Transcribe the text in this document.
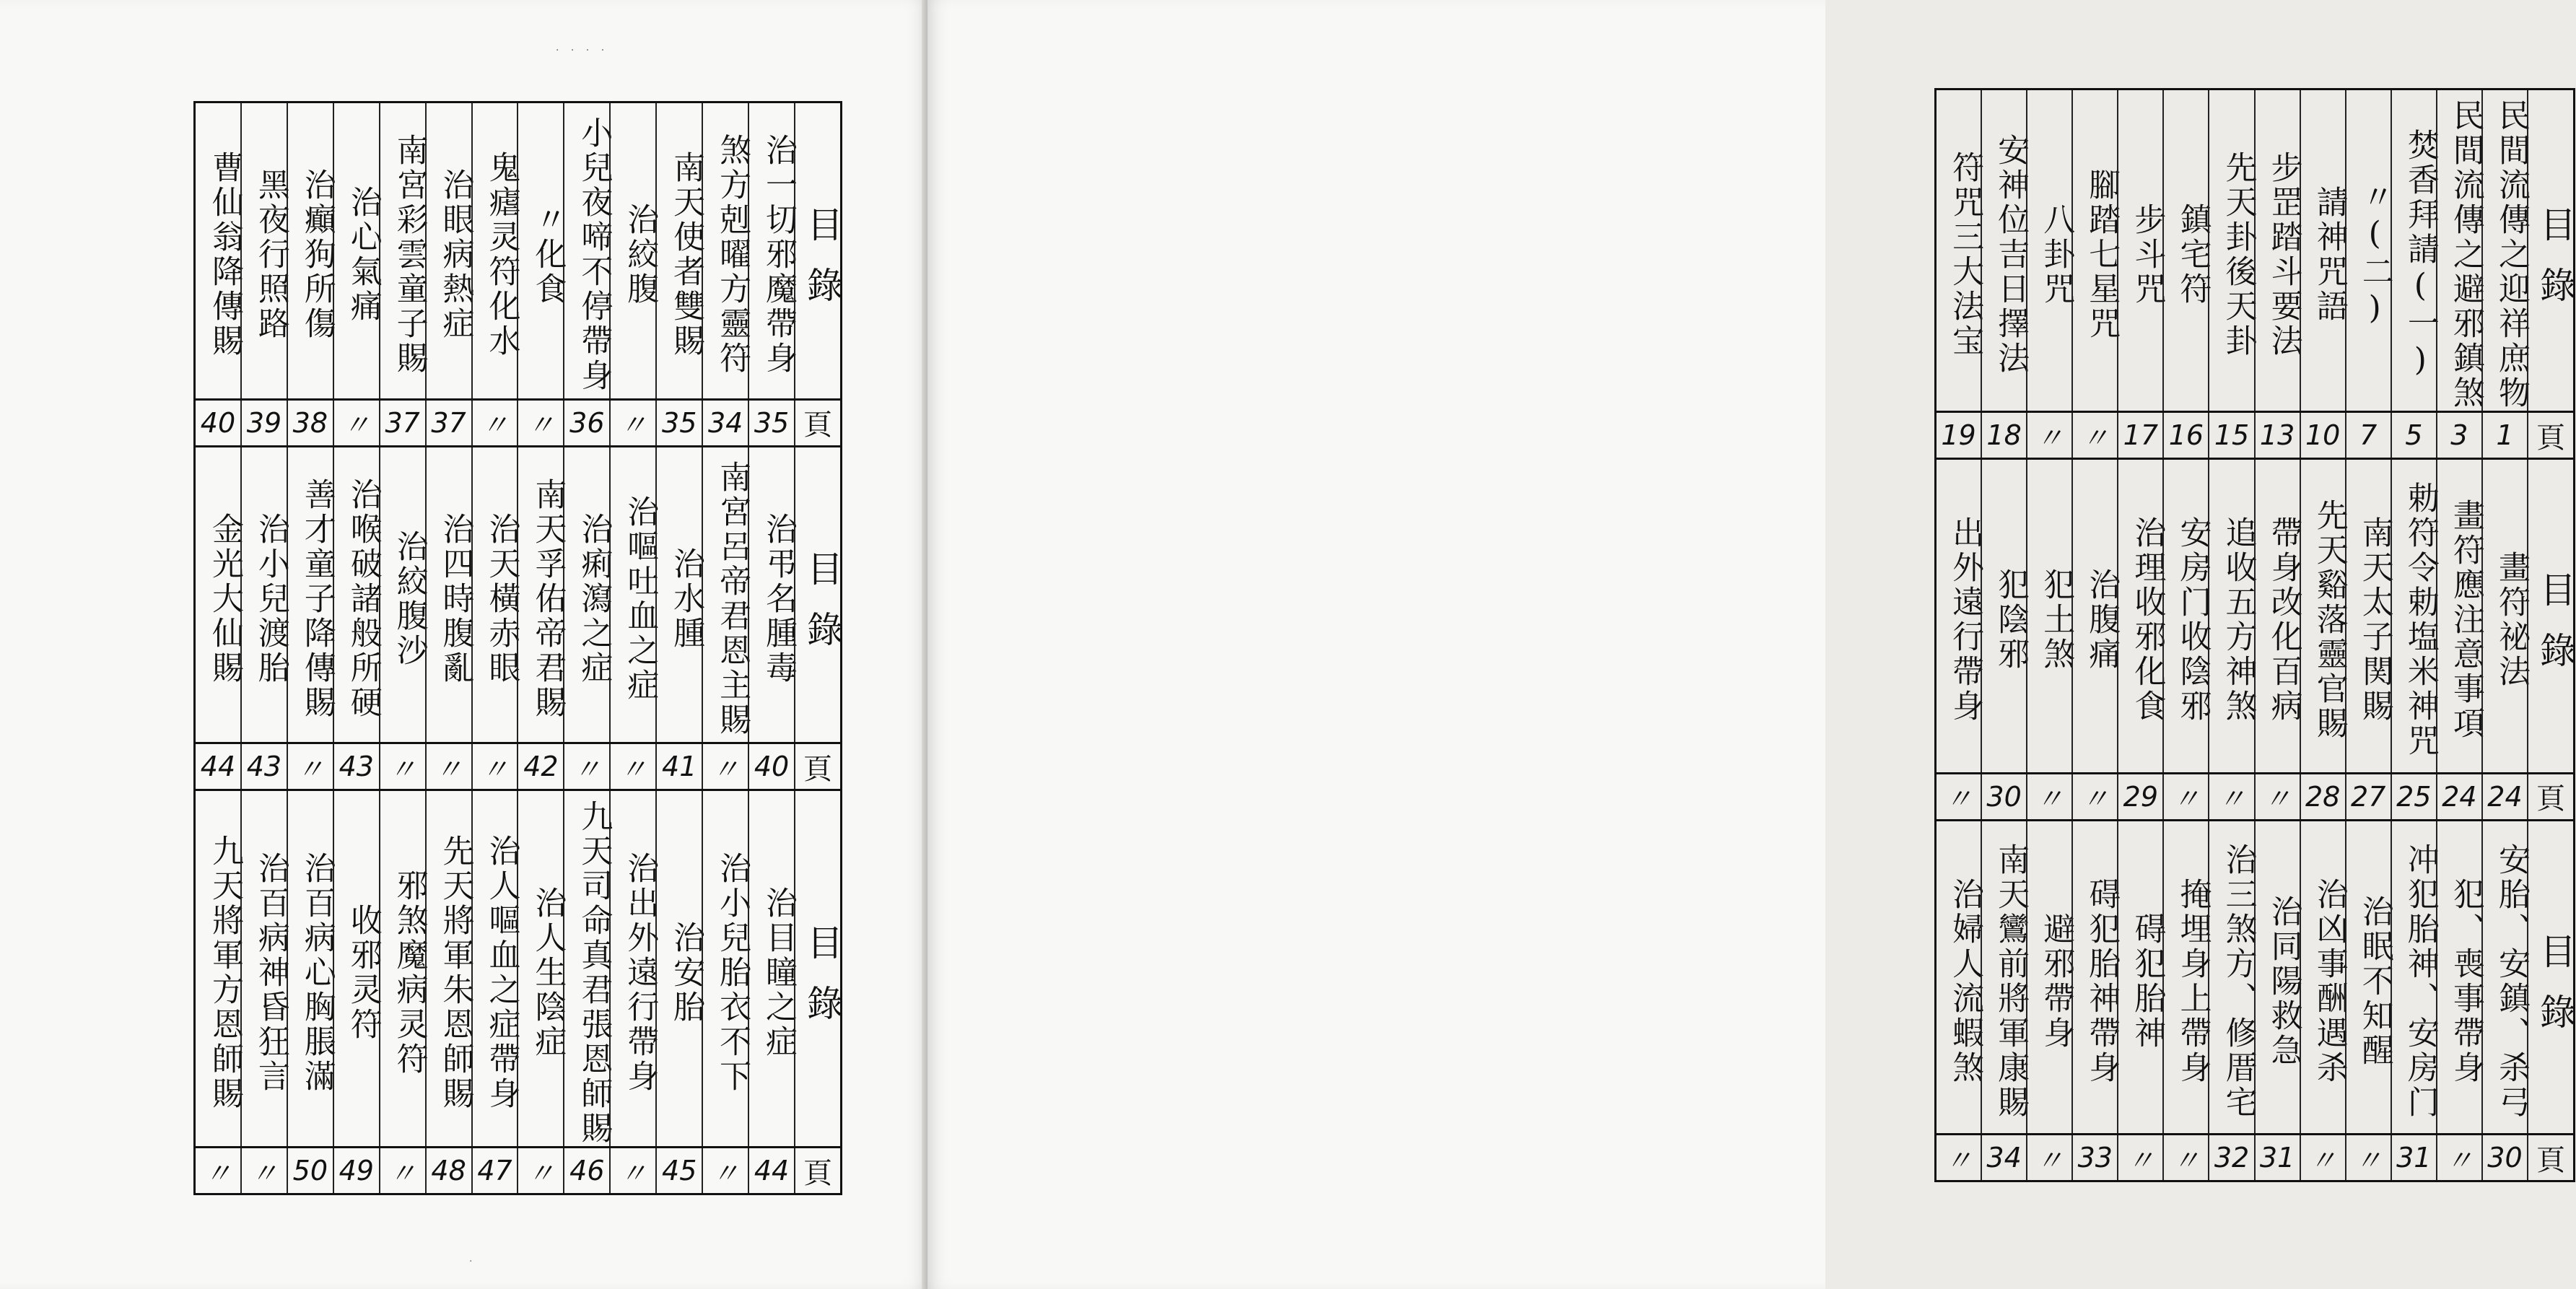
· · · ·
目錄
治一切邪魔帶身
煞方剋曜方靈符
南天使者雙賜
治絞腹
小兒夜啼不停帶身
〃化食
鬼瘧灵符化水
治眼病熱症
南宮彩雲童子賜
治心氣痛
治癲狗所傷
黑夜行照路
曹仙翁降傳賜
頁
35
34
35
〃
36
〃
〃
37
37
〃
38
39
40
目錄
治弔名腫毒
南宮呂帝君恩主賜
治水腫
治嘔吐血之症
治痢瀉之症
南天孚佑帝君賜
治天橫赤眼
治四時腹亂
治絞腹沙
治喉破諸般所硬
善才童子降傳賜
治小兒渡胎
金光大仙賜
頁
40
〃
41
〃
〃
42
〃
〃
〃
43
〃
43
44
目錄
治目瞳之症
治小兒胎衣不下
治安胎
治出外遠行帶身
九天司命真君張恩師賜
治人生陰症
治人嘔血之症帶身
先天將軍朱恩師賜
邪煞魔病灵符
收邪灵符
治百病心胸脹滿
治百病神昏狂言
九天將軍方恩師賜
頁
44
〃
45
〃
46
〃
47
48
〃
49
50
〃
〃
·
目錄
民間流傳之迎祥庶物
民間流傳之避邪鎮煞
焚香拜請(一)
〃(二)
請神咒語
步罡踏斗要法
先天卦後天卦
鎮宅符
步斗咒
腳踏七星咒
八卦咒
安神位吉日擇法
符咒三大法宝
頁
1
3
5
7
10
13
15
16
17
〃
〃
18
19
目錄
畫符祕法
畫符應注意事項
勅符令勅塩米神咒
南天太子関賜
先天谿落靈官賜
帶身改化百病
追收五方神煞
安房门收陰邪
治理收邪化食
治腹痛
犯土煞
犯陰邪
出外遠行帶身
頁
24
24
25
27
28
〃
〃
〃
29
〃
〃
30
〃
目錄
安胎、安鎮、杀弓
犯、喪事帶身
冲犯胎神、安房门
治眠不知醒
治凶事酬遇杀
治同陽救急
治三煞方、修厝宅
掩埋身上帶身
碍犯胎神
碍犯胎神帶身
避邪帶身
南天鸞前將軍康賜
治婦人流蝦煞
頁
30
〃
31
〃
〃
31
32
〃
〃
33
〃
34
〃
